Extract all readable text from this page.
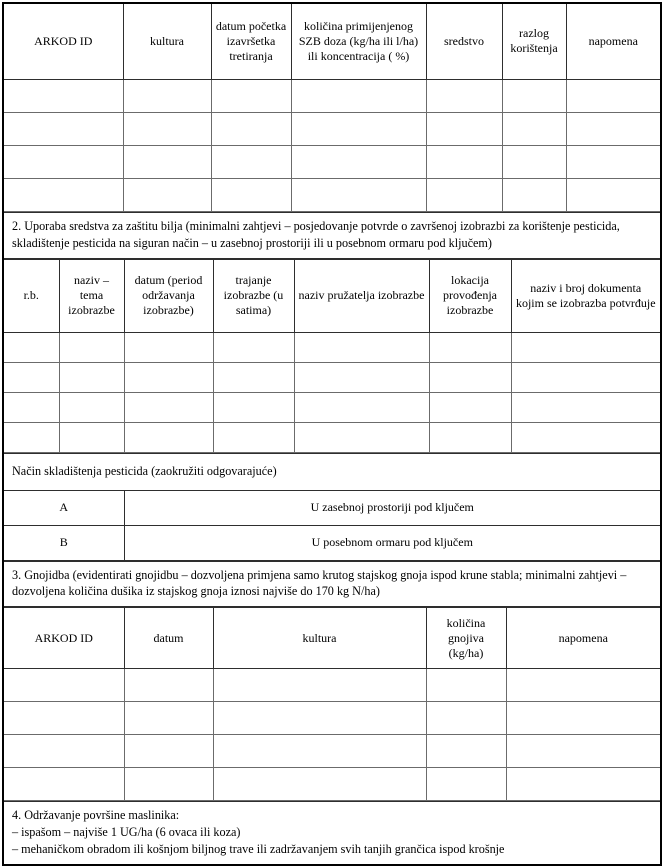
ARKOD ID	kultura	datum početka izavršetka tretiranja	količina primijenjenog SZB doza (kg/ha ili l/ha) ili koncentracija ( %)	sredstvo	razlog korištenja	napomena

2. Uporaba sredstva za zaštitu bilja (minimalni zahtjevi – posjedovanje potvrde o završenoj izobrazbi za korištenje pesticida, skladištenje pesticida na siguran način – u zasebnoj prostoriji ili u posebnom ormaru pod ključem)
r.b.	naziv – tema izobrazbe	datum (period održavanja izobrazbe)	trajanje izobrazbe (u satima)	naziv pružatelja izobrazbe	lokacija provođenja izobrazbe	naziv i broj dokumenta kojim se izobrazba potvrđuje

Način skladištenja pesticida (zaokružiti odgovarajuće)	
A	U zasebnoj prostoriji pod ključem
B	U posebnom ormaru pod ključem
3. Gnojidba (evidentirati gnojidbu – dozvoljena primjena samo krutog stajskog gnoja ispod krune stabla; minimalni zahtjevi – dozvoljena količina dušika iz stajskog gnoja iznosi najviše do 170 kg N/ha)
ARKOD ID	datum	kultura	količina gnojiva (kg/ha)	napomena

4. Održavanje površine maslinika:
– ispašom – najviše 1 UG/ha (6 ovaca ili koza)
– mehaničkom obradom ili košnjom biljnog trave ili zadržavanjem svih tanjih grančica ispod krošnje
